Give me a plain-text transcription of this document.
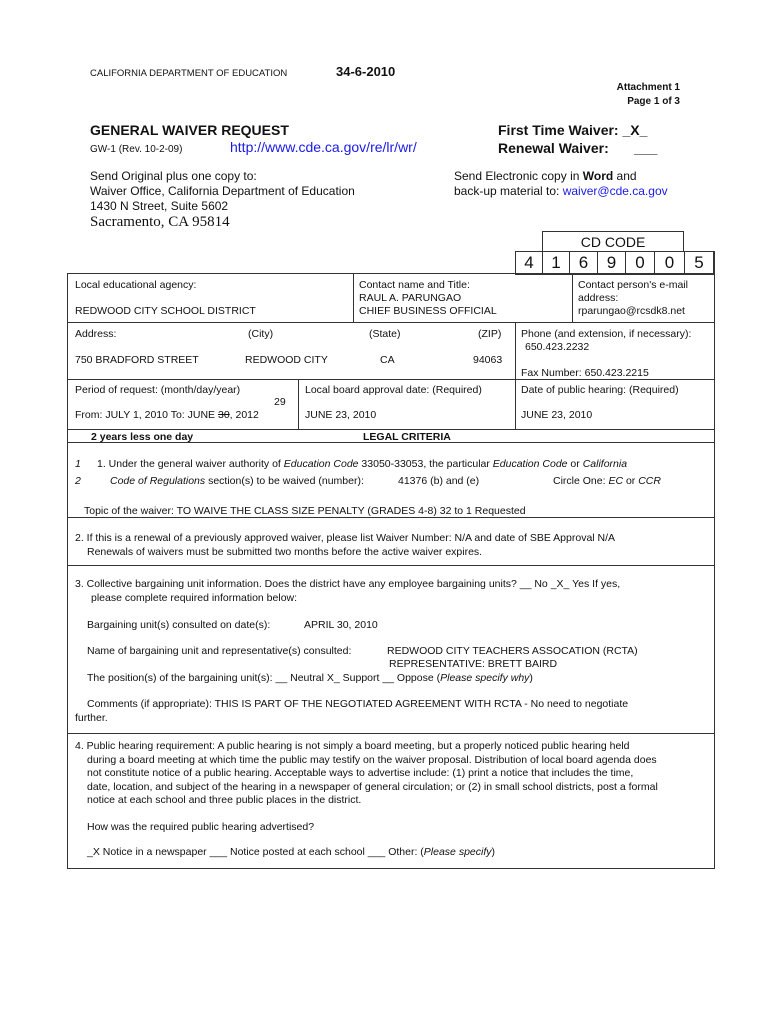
CALIFORNIA DEPARTMENT OF EDUCATION	34-6-2010
Attachment 1
Page 1 of 3
GENERAL WAIVER REQUEST
GW-1 (Rev. 10-2-09)	http://www.cde.ca.gov/re/lr/wr/
First Time Waiver: _X_
Renewal Waiver: ___
Send Original plus one copy to:
Waiver Office, California Department of Education
1430 N Street, Suite 5602
Sacramento, CA 95814
Send Electronic copy in Word and
back-up material to: waiver@cde.ca.gov
CD CODE
4	1	6	9	0	0	5
Local educational agency:
REDWOOD CITY SCHOOL DISTRICT
Contact name and Title:
RAUL A. PARUNGAO
CHIEF BUSINESS OFFICIAL
Contact person's e-mail
address:
rparungao@rcsdk8.net
Address:	(City)	(State)	(ZIP)
750 BRADFORD STREET	REDWOOD CITY	CA	94063
Phone (and extension, if necessary):
650.423.2232
Fax Number: 650.423.2215
Period of request: (month/day/year)
29
From: JULY 1, 2010 To: JUNE 30, 2012
Local board approval date: (Required)
JUNE 23, 2010
Date of public hearing: (Required)
JUNE 23, 2010
2 years less one day	LEGAL CRITERIA
1
2
1. Under the general waiver authority of Education Code 33050-33053, the particular Education Code or California
Code of Regulations section(s) to be waived (number):	41376 (b) and (e)	Circle One: EC or CCR
Topic of the waiver: TO WAIVE THE CLASS SIZE PENALTY (GRADES 4-8) 32 to 1 Requested
2. If this is a renewal of a previously approved waiver, please list Waiver Number: N/A and date of SBE Approval N/A
Renewals of waivers must be submitted two months before the active waiver expires.
3. Collective bargaining unit information. Does the district have any employee bargaining units? __ No _X_ Yes If yes,
please complete required information below:
Bargaining unit(s) consulted on date(s):	APRIL 30, 2010
Name of bargaining unit and representative(s) consulted:	REDWOOD CITY TEACHERS ASSOCATION (RCTA)
REPRESENTATIVE: BRETT BAIRD
The position(s) of the bargaining unit(s): __ Neutral X_ Support __ Oppose (Please specify why)
Comments (if appropriate): THIS IS PART OF THE NEGOTIATED AGREEMENT WITH RCTA - No need to negotiate
further.
4. Public hearing requirement: A public hearing is not simply a board meeting, but a properly noticed public hearing held
during a board meeting at which time the public may testify on the waiver proposal. Distribution of local board agenda does
not constitute notice of a public hearing. Acceptable ways to advertise include: (1) print a notice that includes the time,
date, location, and subject of the hearing in a newspaper of general circulation; or (2) in small school districts, post a formal
notice at each school and three public places in the district.
How was the required public hearing advertised?
_X Notice in a newspaper ___ Notice posted at each school ___ Other: (Please specify)
